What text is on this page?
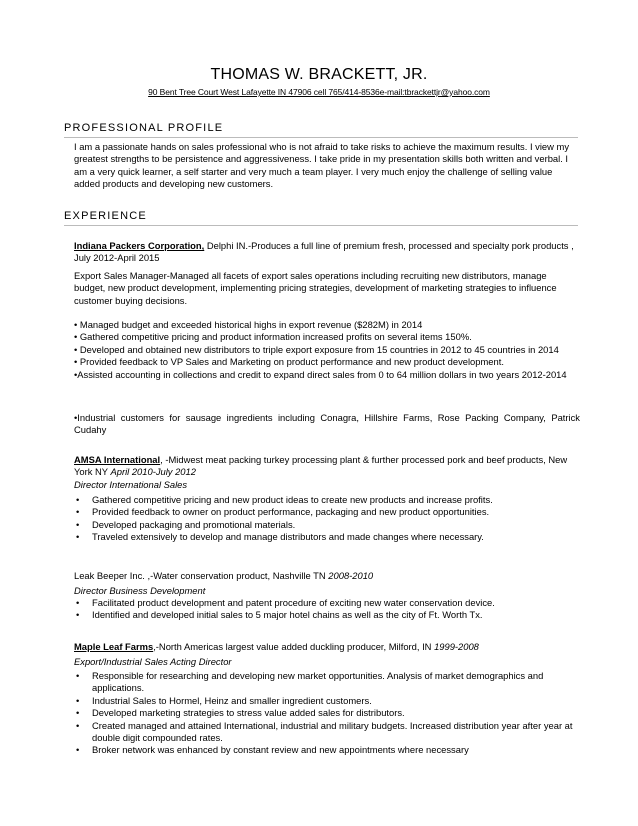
THOMAS W. BRACKETT, JR.
90 Bent Tree Court West Lafayette IN 47906 cell 765/414-8536e-mail:tbrackettjr@yahoo.com
PROFESSIONAL PROFILE
I am a passionate hands on sales professional who is not afraid to take risks to achieve the maximum results. I view my greatest strengths to be persistence and aggressiveness. I take pride in my presentation skills both written and verbal. I am a very quick learner, a self starter and very much a team player. I very much enjoy the challenge of selling value added products and developing new customers.
EXPERIENCE
Indiana Packers Corporation, Delphi IN.-Produces a full line of premium fresh, processed and specialty pork products , July 2012-April 2015
Export Sales Manager-Managed all facets of export sales operations including recruiting new distributors, manage budget, new product development, implementing pricing strategies, development of marketing strategies to influence customer buying decisions.
• Managed budget and exceeded historical highs in export revenue ($282M) in 2014
• Gathered competitive pricing and product information increased profits on several items 150%.
• Developed and obtained new distributors to triple export exposure from 15 countries in 2012 to 45 countries in 2014
• Provided feedback to VP Sales and Marketing on product performance and new product development.
•Assisted accounting in collections and credit to expand direct sales from 0 to 64 million dollars in two years 2012-2014
•Industrial customers for sausage ingredients including Conagra, Hillshire Farms, Rose Packing Company, Patrick Cudahy
AMSA International, -Midwest meat packing turkey processing plant & further processed pork and beef products, New York NY April 2010-July 2012
Director International Sales
• Gathered competitive pricing and new product ideas to create new products and increase profits.
• Provided feedback to owner on product performance, packaging and new product opportunities.
• Developed packaging and promotional materials.
• Traveled extensively to develop and manage distributors and made changes where necessary.
Leak Beeper Inc. ,-Water conservation product, Nashville TN 2008-2010
Director Business Development
• Facilitated product development and patent procedure of exciting new water conservation device.
• Identified and developed initial sales to 5 major hotel chains as well as the city of Ft. Worth Tx.
Maple Leaf Farms,-North Americas largest value added duckling producer, Milford, IN 1999-2008
Export/Industrial Sales Acting Director
• Responsible for researching and developing new market opportunities. Analysis of market demographics and applications.
• Industrial Sales to Hormel, Heinz and smaller ingredient customers.
• Developed marketing strategies to stress value added sales for distributors.
• Created managed and attained International, industrial and military budgets. Increased distribution year after year at double digit compounded rates.
• Broker network was enhanced by constant review and new appointments where necessary
